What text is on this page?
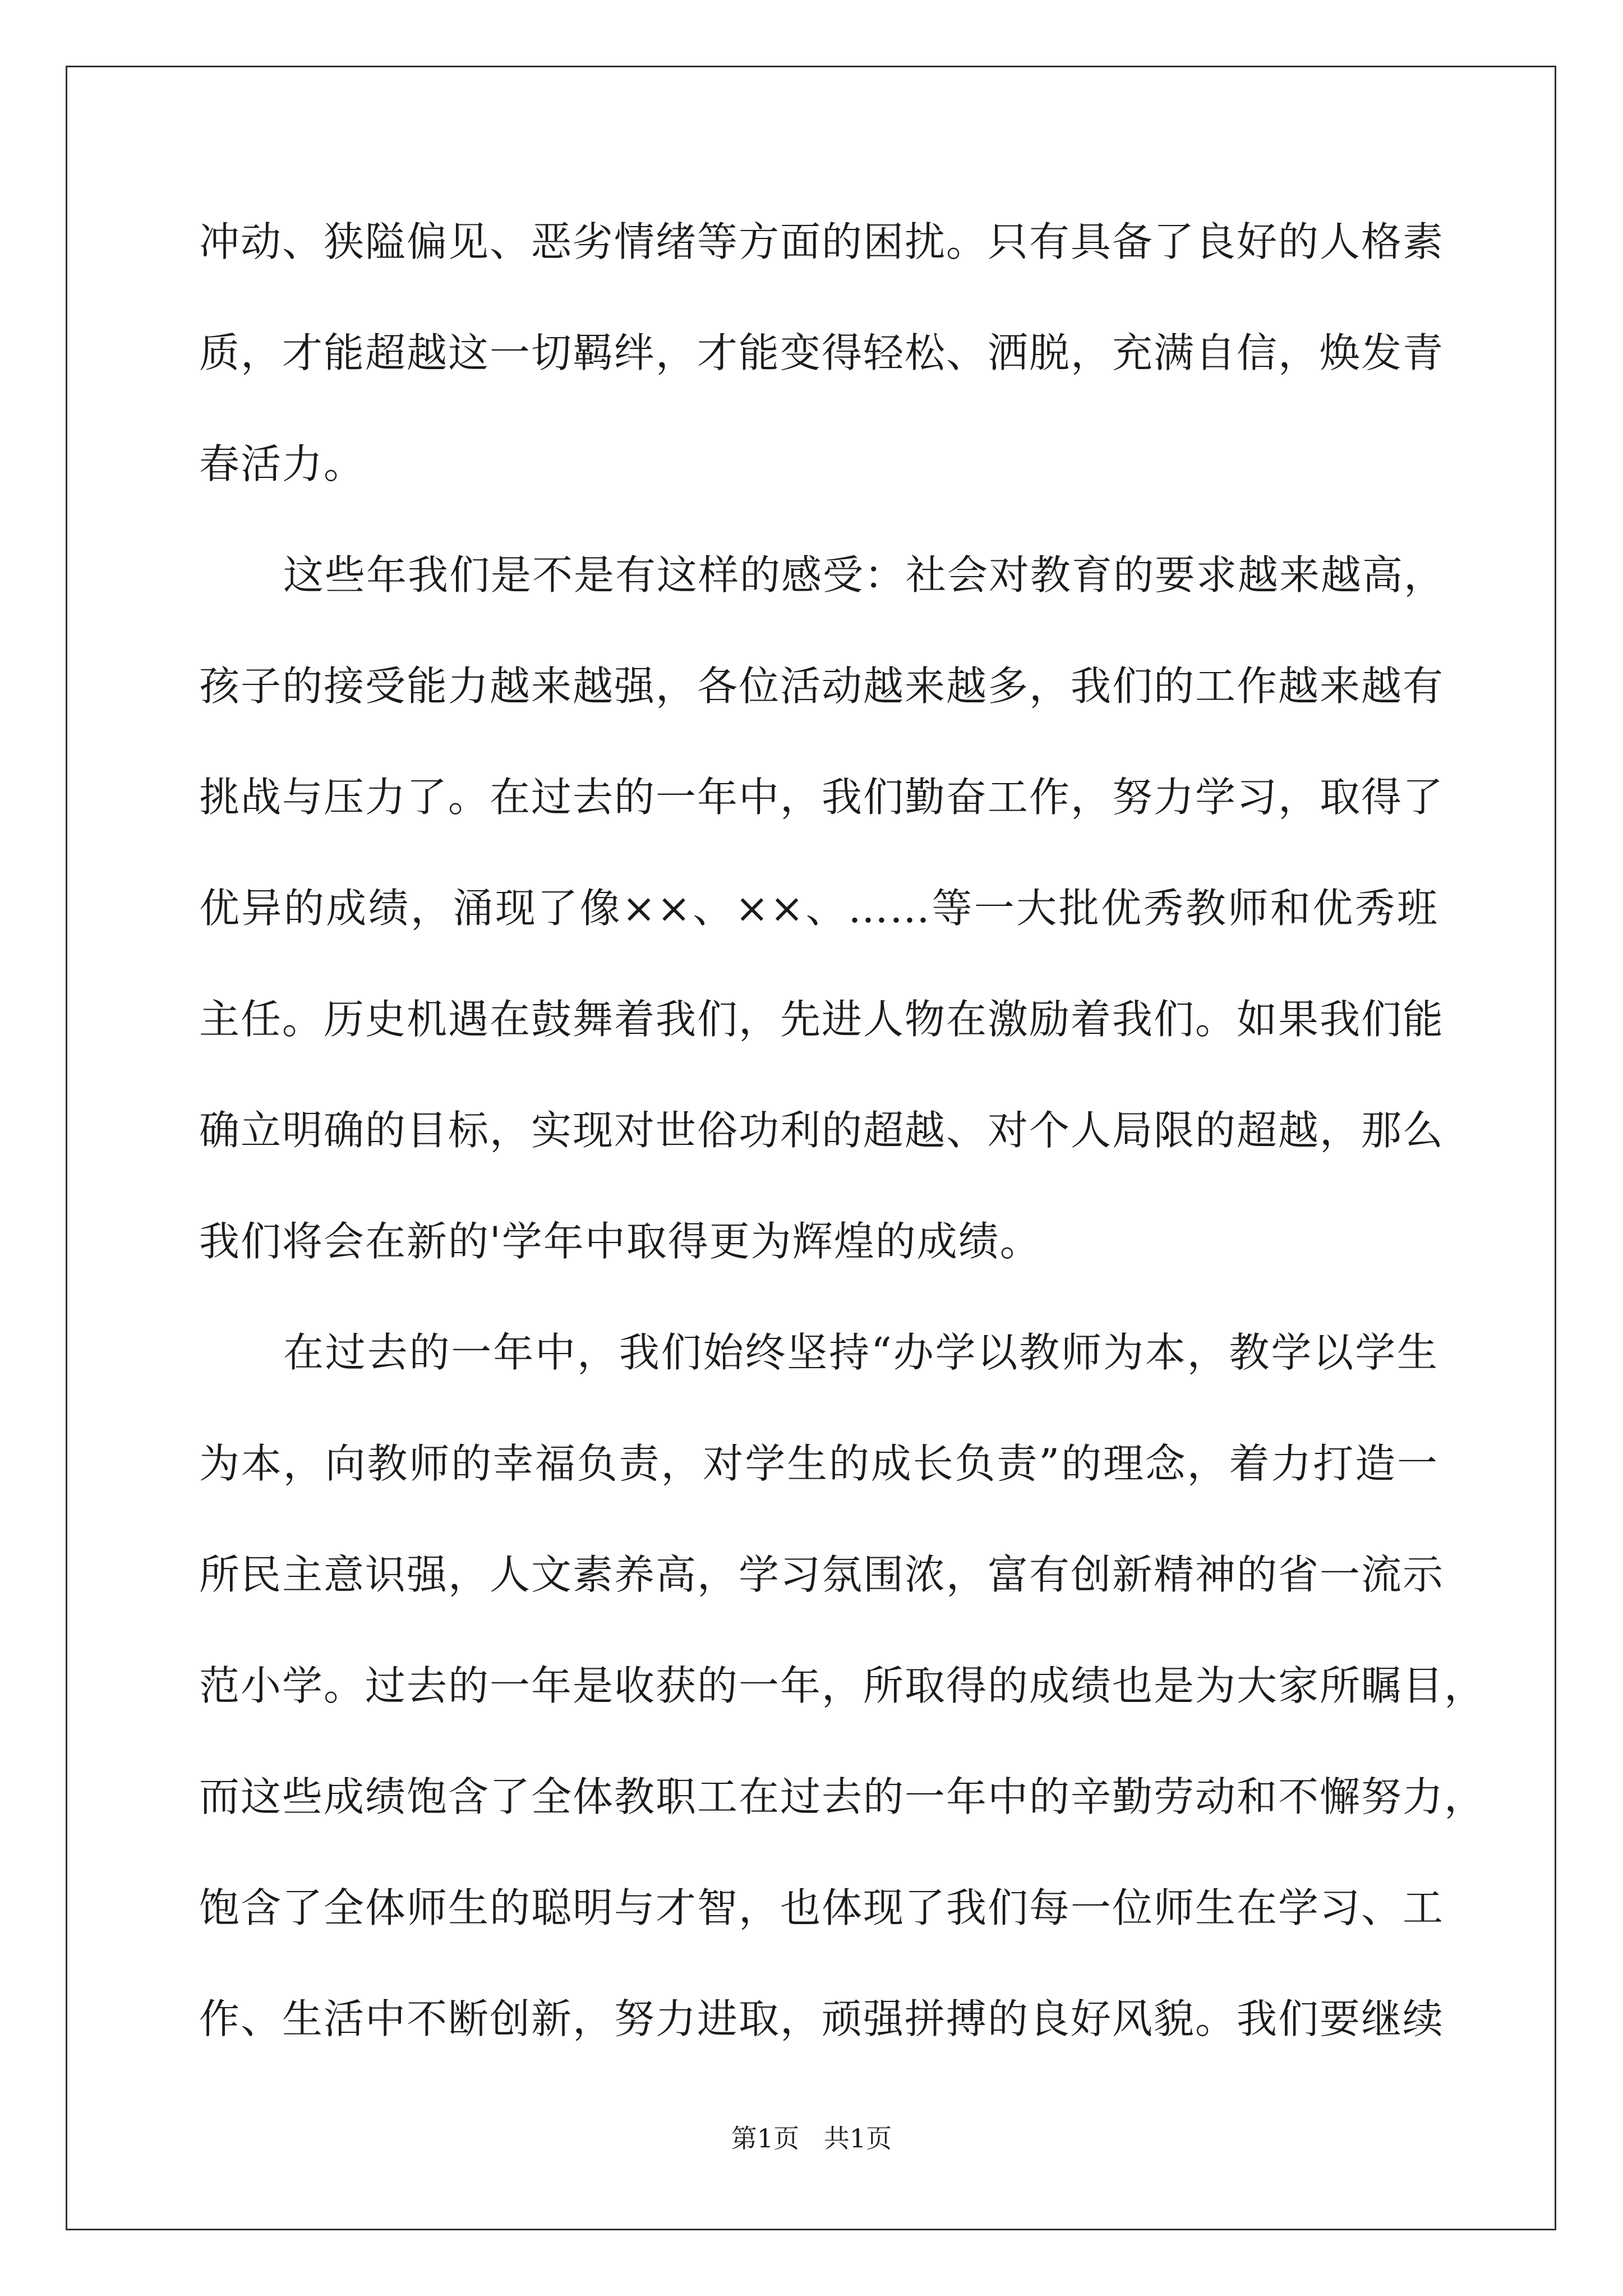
冲动、狭隘偏见、恶劣情绪等方面的困扰。只有具备了良好的人格素
质，才能超越这一切羁绊，才能变得轻松、洒脱，充满自信，焕发青
春活力。
这些年我们是不是有这样的感受：社会对教育的要求越来越高，
孩子的接受能力越来越强，各位活动越来越多，我们的工作越来越有
挑战与压力了。在过去的一年中，我们勤奋工作，努力学习，取得了
优异的成绩，涌现了像××、××、……等一大批优秀教师和优秀班
主任。历史机遇在鼓舞着我们，先进人物在激励着我们。如果我们能
确立明确的目标，实现对世俗功利的超越、对个人局限的超越，那么
我们将会在新的'学年中取得更为辉煌的成绩。
在过去的一年中，我们始终坚持“办学以教师为本，教学以学生
为本，向教师的幸福负责，对学生的成长负责”的理念，着力打造一
所民主意识强，人文素养高，学习氛围浓，富有创新精神的省一流示
范小学。过去的一年是收获的一年，所取得的成绩也是为大家所瞩目，
而这些成绩饱含了全体教职工在过去的一年中的辛勤劳动和不懈努力，
饱含了全体师生的聪明与才智，也体现了我们每一位师生在学习、工
作、生活中不断创新，努力进取，顽强拼搏的良好风貌。我们要继续
第1页   共1页
